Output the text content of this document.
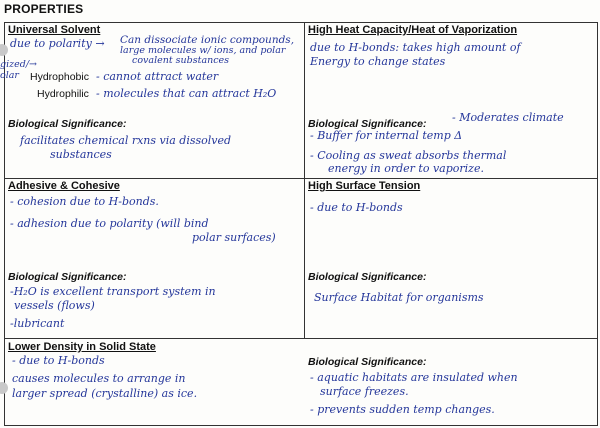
PROPERTIES
Universal Solvent
due to polarity → Can dissociate ionic compounds,
large molecules w/ ions, and polar
covalent substances
gized/→
olar Hydrophobic - cannot attract water
Hydrophilic - molecules that can attract H₂O
Biological Significance:
facilitates chemical rxns via dissolved
substances
High Heat Capacity/Heat of Vaporization
due to H-bonds: takes high amount of
Energy to change states
Biological Significance: - Moderates climate
- Buffer for internal temp Δ
- Cooling as sweat absorbs thermal
energy in order to vaporize.
Adhesive & Cohesive
- cohesion due to H-bonds.
- adhesion due to polarity (will bind
polar surfaces)
Biological Significance:
-H₂O is excellent transport system in
vessels (flows)
-lubricant
High Surface Tension
- due to H-bonds
Biological Significance:
Surface Habitat for organisms
Lower Density in Solid State
- due to H-bonds
causes molecules to arrange in
larger spread (crystalline) as ice.
Biological Significance:
- aquatic habitats are insulated when
surface freezes.
- prevents sudden temp changes.
